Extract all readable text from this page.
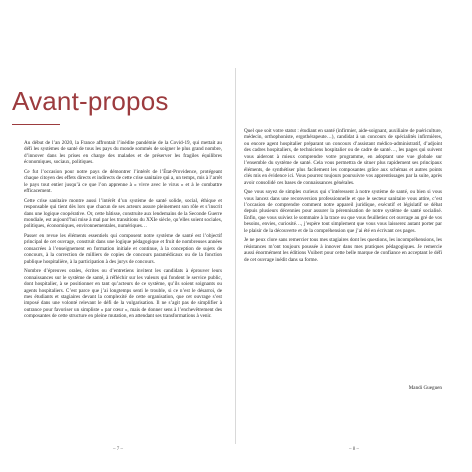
Avant-propos

Au début de l’an 2020, la France affrontait l’inédite pandémie de la Covid-19, qui mettait au défi les systèmes de santé de tous les pays du monde sommés de soigner le plus grand nombre, d’innover dans les prises en charge des malades et de préserver les fragiles équilibres économiques, sociaux, politiques.

Ce fut l’occasion pour notre pays de démontrer l’intérêt de l’État-Providence, protégeant chaque citoyen des effets directs et indirects de cette crise sanitaire qui a, un temps, mis à l’arrêt le pays tout entier jusqu’à ce que l’on apprenne à « vivre avec le virus » et à le combattre efficacement.

Cette crise sanitaire montre aussi l’intérêt d’un système de santé solide, social, éthique et responsable qui tient dès lors que chacun de ses acteurs assure pleinement son rôle et s’inscrit dans une logique coopérative. Or, cette bâtisse, construite aux lendemains de la Seconde Guerre mondiale, est aujourd’hui mise à mal par les transitions du XXIe siècle, qu’elles soient sociales, politiques, économiques, environnementales, numériques…

Passer en revue les éléments essentiels qui composent notre système de santé est l’objectif principal de cet ouvrage, construit dans une logique pédagogique et fruit de nombreuses années consacrées à l’enseignement en formation initiale et continue, à la conception de sujets de concours, à la correction de milliers de copies de concours paramédicaux ou de la fonction publique hospitalière, à la participation à des jurys de concours.

Nombre d’épreuves orales, écrites ou d’entretiens invitent les candidats à éprouver leurs connaissances sur le système de santé, à réfléchir sur les valeurs qui fondent le service public, dont hospitalier, à se positionner en tant qu’acteurs de ce système, qu’ils soient soignants ou agents hospitaliers. C’est parce que j’ai longtemps senti le trouble, si ce n’est le désarroi, de mes étudiants et stagiaires devant la complexité de cette organisation, que cet ouvrage s’est imposé dans une volonté relevant le défi de la vulgarisation. Il ne s’agit pas de simplifier à outrance pour favoriser un simpliste « par cœur », mais de donner sens à l’enchevêtrement des composantes de cette structure en pleine mutation, en attendant ses transformations à venir.

– 7 –

Quel que soit votre statut : étudiant en santé (infirmier, aide-soignant, auxiliaire de puériculture, médecin, orthophoniste, ergothérapeute…), candidat à un concours de spécialités infirmières, ou encore agent hospitalier préparant un concours d’assistant médico-administratif, d’adjoint des cadres hospitaliers, de techniciens hospitalier ou de cadre de santé…, les pages qui suivent vous aideront à mieux comprendre votre programme, en adoptant une vue globale sur l’ensemble du système de santé. Cela vous permettra de situer plus rapidement ses principaux éléments, de synthétiser plus facilement les composantes grâce aux schémas et autres points clés mis en évidence ici. Vous pourrez toujours poursuivre vos apprentissages par la suite, après avoir consolidé ces bases de connaissances générales.

Que vous soyez de simples curieux qui s’intéressent à notre système de santé, ou bien si vous vous lancez dans une reconversion professionnelle et que le secteur sanitaire vous attire, c’est l’occasion de comprendre comment notre appareil juridique, exécutif et législatif se débat depuis plusieurs décennies pour assurer la pérennisation de notre système de santé socialisé. Enfin, que vous suiviez le sommaire à la trace ou que vous feuilletiez cet ouvrage au gré de vos besoins, envies, curiosité…, j’espère tout simplement que vous vous laisserez autant porter par le plaisir de la découverte et de la compréhension que j’ai été en écrivant ces pages.

Je ne peux clore sans remercier tous mes stagiaires dont les questions, les incompréhensions, les résistances m’ont toujours poussée à innover dans mes pratiques pédagogiques. Je remercie aussi énormément les éditions Vuibert pour cette belle marque de confiance en acceptant le défi de cet ouvrage inédit dans sa forme.

Mandi Gueguen
– 8 –
